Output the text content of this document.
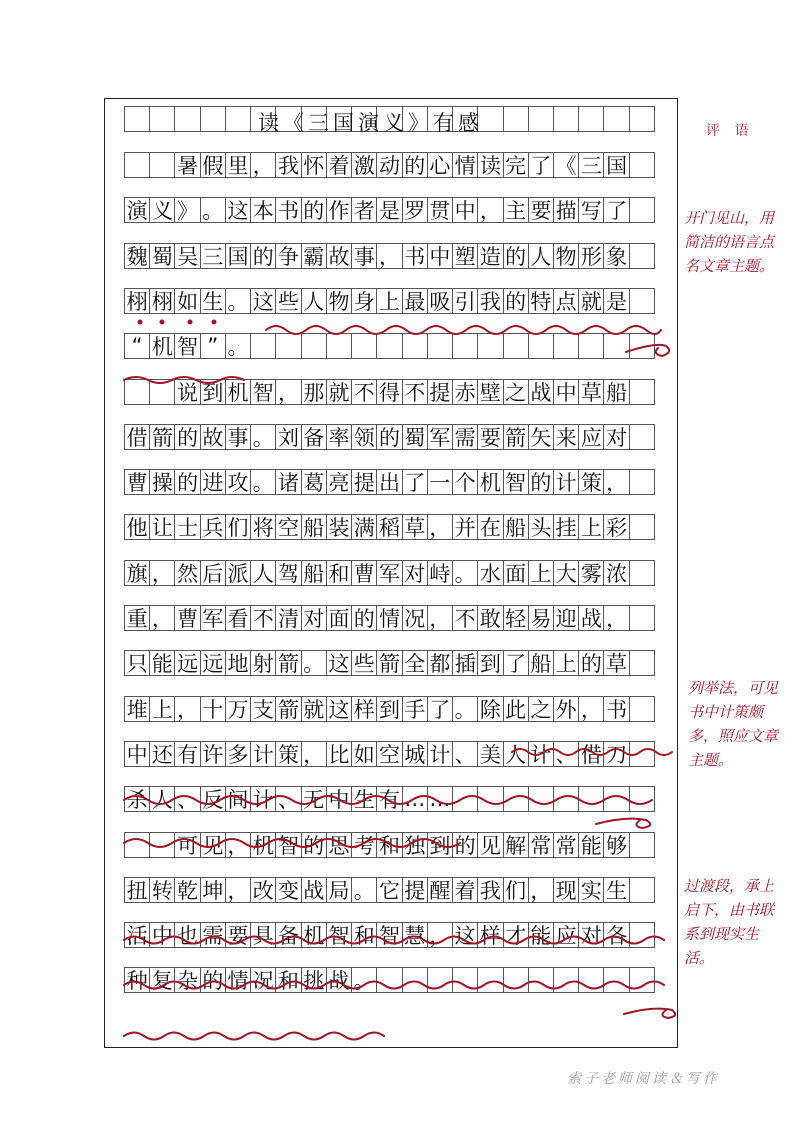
读《三国演义》有感
暑 假 里 ， 我 怀 着 激 动 的 心 情 读 完 了 《 三 国
演 义 》 。 这 本 书 的 作 者 是 罗 贯 中 ， 主 要 描 写 了
魏 蜀 吴 三 国 的 争 霸 故 事 ， 书 中 塑 造 的 人 物 形 象
栩 栩 如 生 。 这 些 人 物 身 上 最 吸 引 我 的 特 点 就 是
“ 机 智 ” 。
说 到 机 智 ， 那 就 不 得 不 提 赤 壁 之 战 中 草 船
借 箭 的 故 事 。 刘 备 率 领 的 蜀 军 需 要 箭 矢 来 应 对
曹 操 的 进 攻 。 诸 葛 亮 提 出 了 一 个 机 智 的 计 策 ，
他 让 士 兵 们 将 空 船 装 满 稻 草 ， 并 在 船 头 挂 上 彩
旗 ， 然 后 派 人 驾 船 和 曹 军 对 峙 。 水 面 上 大 雾 浓
重 ， 曹 军 看 不 清 对 面 的 情 况 ， 不 敢 轻 易 迎 战 ，
只 能 远 远 地 射 箭 。 这 些 箭 全 都 插 到 了 船 上 的 草
堆 上 ， 十 万 支 箭 就 这 样 到 手 了 。 除 此 之 外 ， 书
中 还 有 许 多 计 策 ， 比 如 空 城 计 、 美 人 计 、 借 刀
杀 人 、 反 间 计 、 无 中 生 有 … …
可 见 ， 机 智 的 思 考 和 独 到 的 见 解 常 常 能 够
扭 转 乾 坤 ， 改 变 战 局 。 它 提 醒 着 我 们 ， 现 实 生
活 中 也 需 要 具 备 机 智 和 智 慧 ， 这 样 才 能 应 对 各
种 复 杂 的 情 况 和 挑 战 。
评 语
开门见山，用简洁的语言点名文章主题。
列举法，可见书中计策颇多，照应文章主题。
过渡段，承上启下，由书联系到现实生活。
索子老师阅读＆写作
